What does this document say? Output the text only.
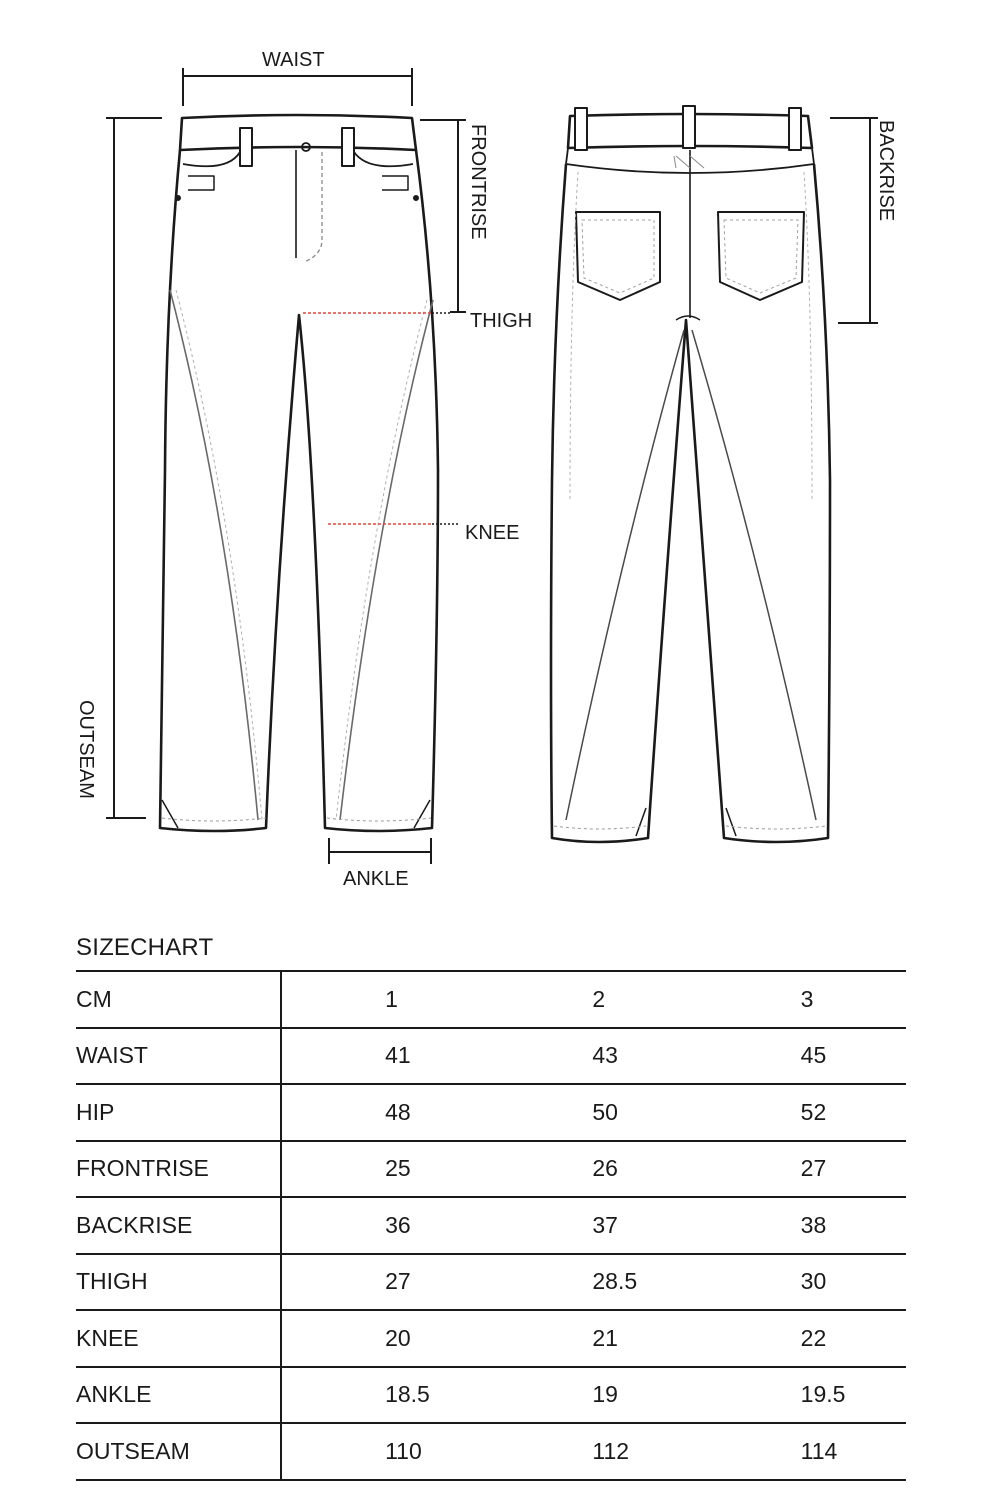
WAIST
FRONTRISE
THIGH
KNEE
OUTSEAM
ANKLE
BACKRISE
SIZECHART
CM	1	2	3
WAIST	41	43	45
HIP	48	50	52
FRONTRISE	25	26	27
BACKRISE	36	37	38
THIGH	27	28.5	30
KNEE	20	21	22
ANKLE	18.5	19	19.5
OUTSEAM	110	112	114
